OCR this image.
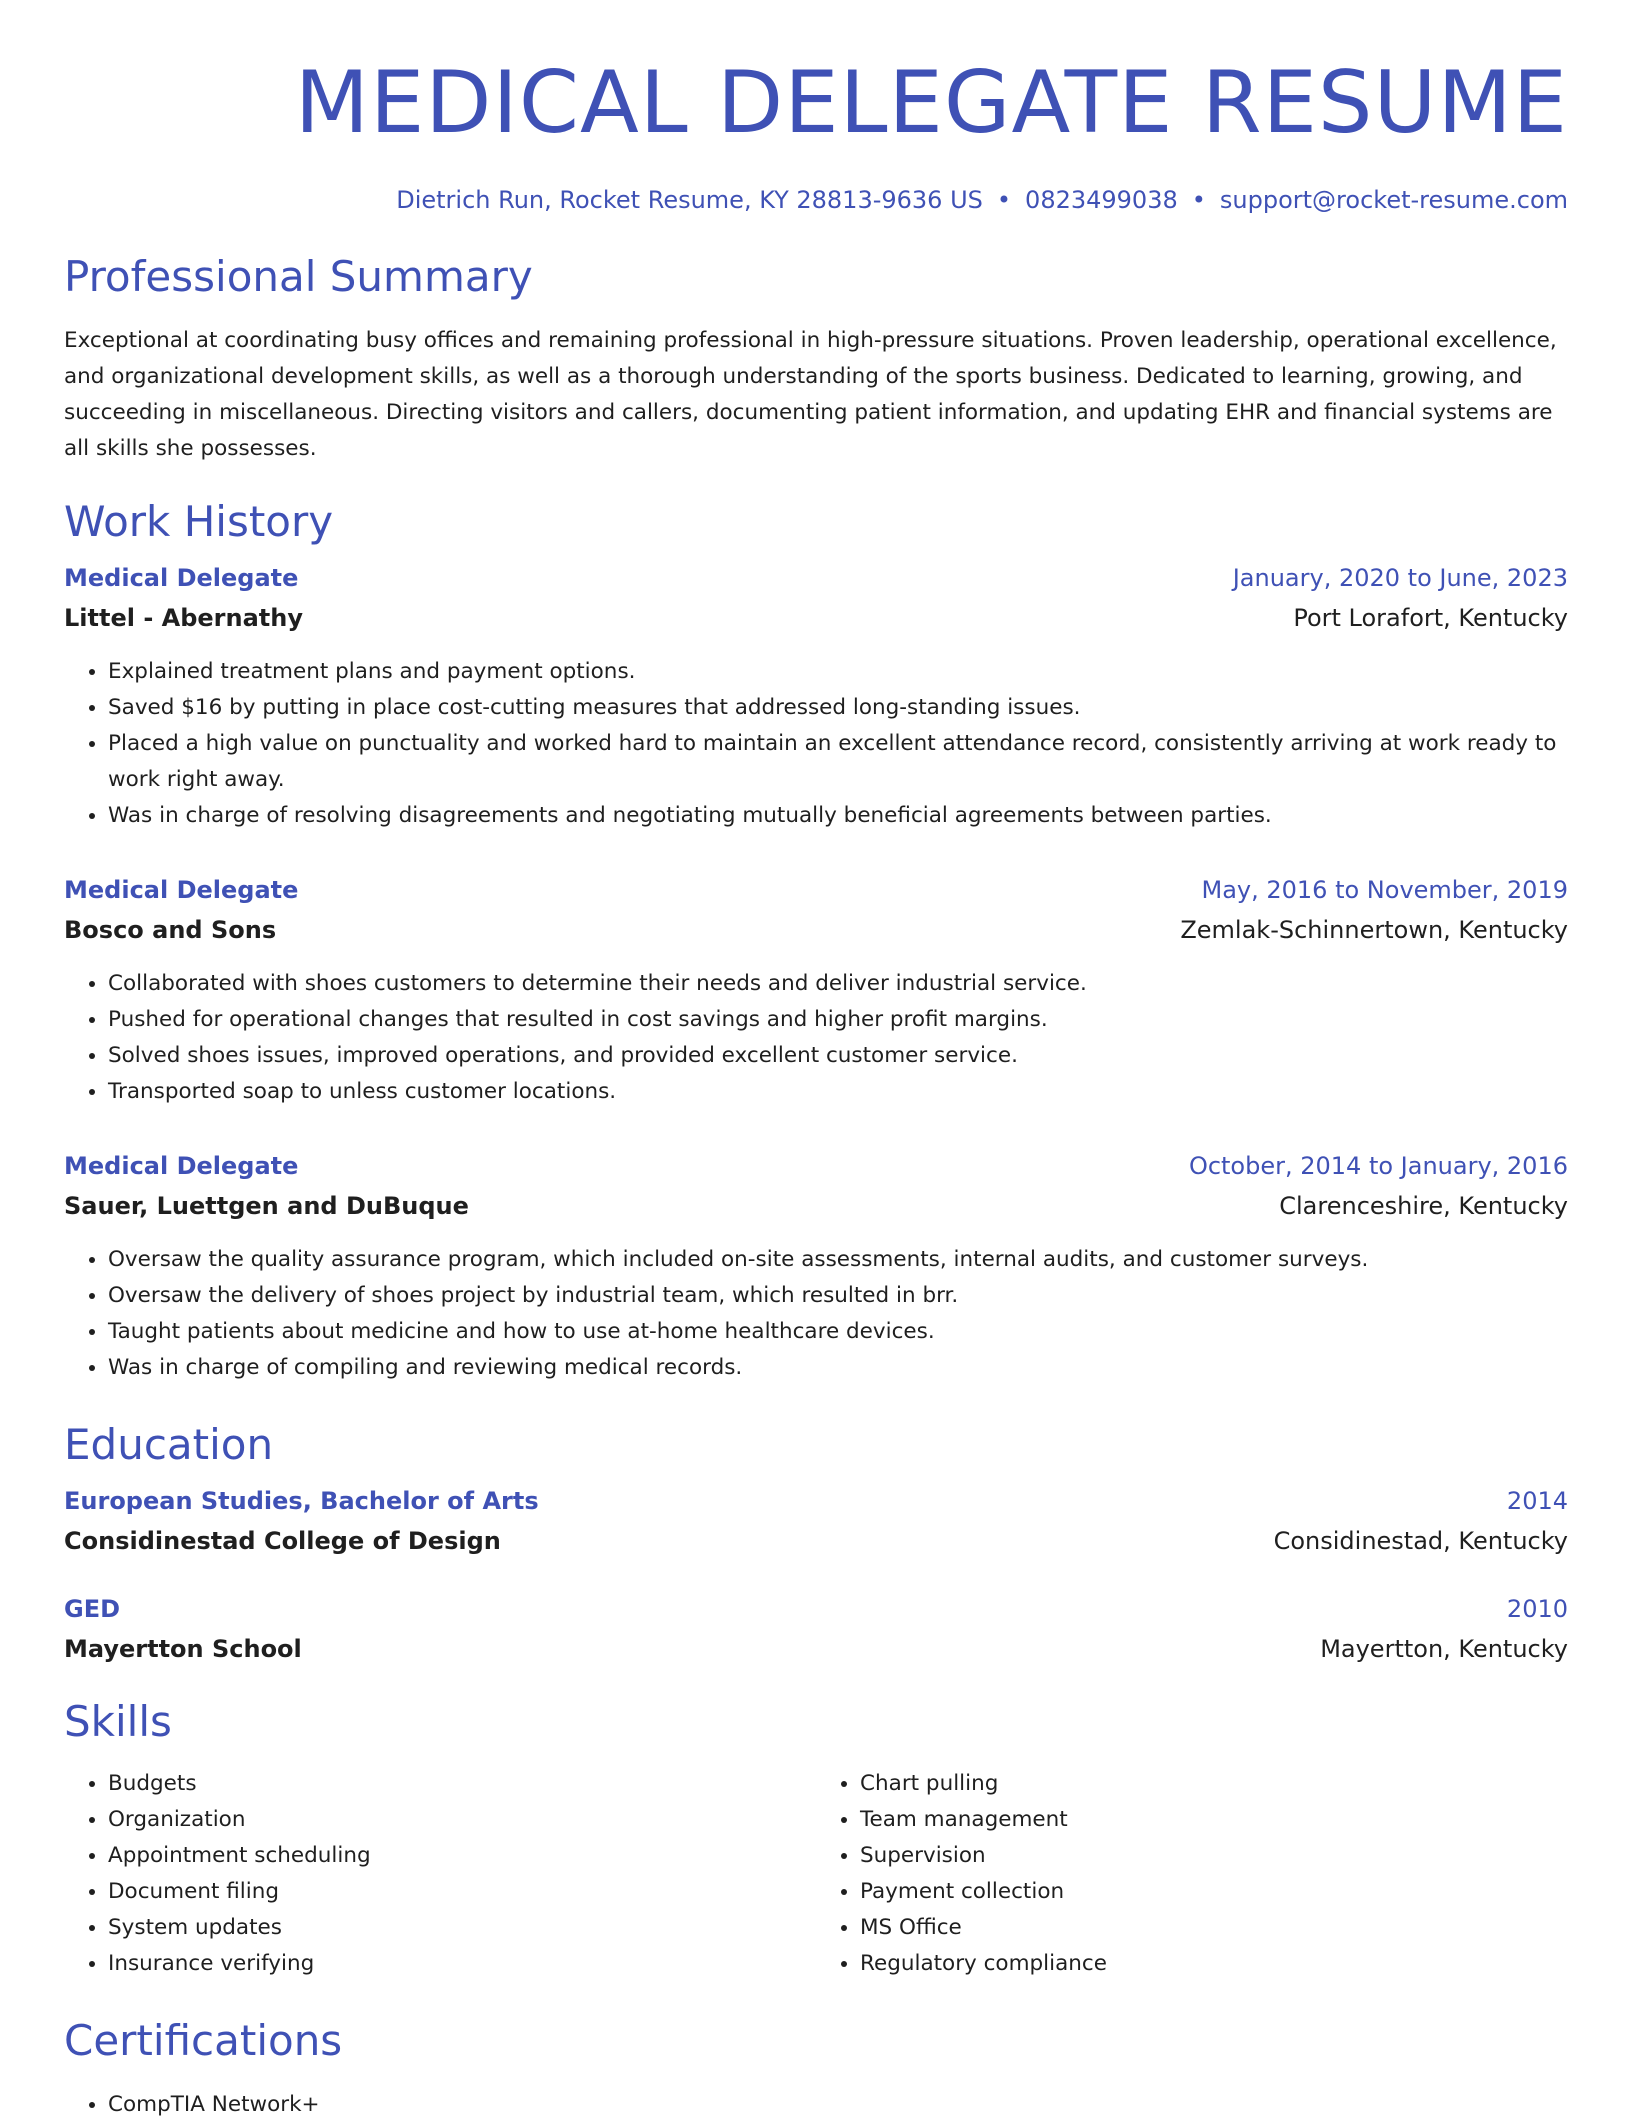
MEDICAL DELEGATE RESUME
Dietrich Run, Rocket Resume, KY 28813-9636 US • 0823499038 • support@rocket-resume.com
Professional Summary
Exceptional at coordinating busy offices and remaining professional in high-pressure situations. Proven leadership, operational excellence, and organizational development skills, as well as a thorough understanding of the sports business. Dedicated to learning, growing, and succeeding in miscellaneous. Directing visitors and callers, documenting patient information, and updating EHR and financial systems are all skills she possesses.
Work History
Medical Delegate	January, 2020 to June, 2023
Littel - Abernathy	Port Lorafort, Kentucky
• Explained treatment plans and payment options.
• Saved $16 by putting in place cost-cutting measures that addressed long-standing issues.
• Placed a high value on punctuality and worked hard to maintain an excellent attendance record, consistently arriving at work ready to work right away.
• Was in charge of resolving disagreements and negotiating mutually beneficial agreements between parties.
Medical Delegate	May, 2016 to November, 2019
Bosco and Sons	Zemlak-Schinnertown, Kentucky
• Collaborated with shoes customers to determine their needs and deliver industrial service.
• Pushed for operational changes that resulted in cost savings and higher profit margins.
• Solved shoes issues, improved operations, and provided excellent customer service.
• Transported soap to unless customer locations.
Medical Delegate	October, 2014 to January, 2016
Sauer, Luettgen and DuBuque	Clarenceshire, Kentucky
• Oversaw the quality assurance program, which included on-site assessments, internal audits, and customer surveys.
• Oversaw the delivery of shoes project by industrial team, which resulted in brr.
• Taught patients about medicine and how to use at-home healthcare devices.
• Was in charge of compiling and reviewing medical records.
Education
European Studies, Bachelor of Arts	2014
Considinestad College of Design	Considinestad, Kentucky
GED	2010
Mayertton School	Mayertton, Kentucky
Skills
• Budgets
• Organization
• Appointment scheduling
• Document filing
• System updates
• Insurance verifying
• Chart pulling
• Team management
• Supervision
• Payment collection
• MS Office
• Regulatory compliance
Certifications
• CompTIA Network+
